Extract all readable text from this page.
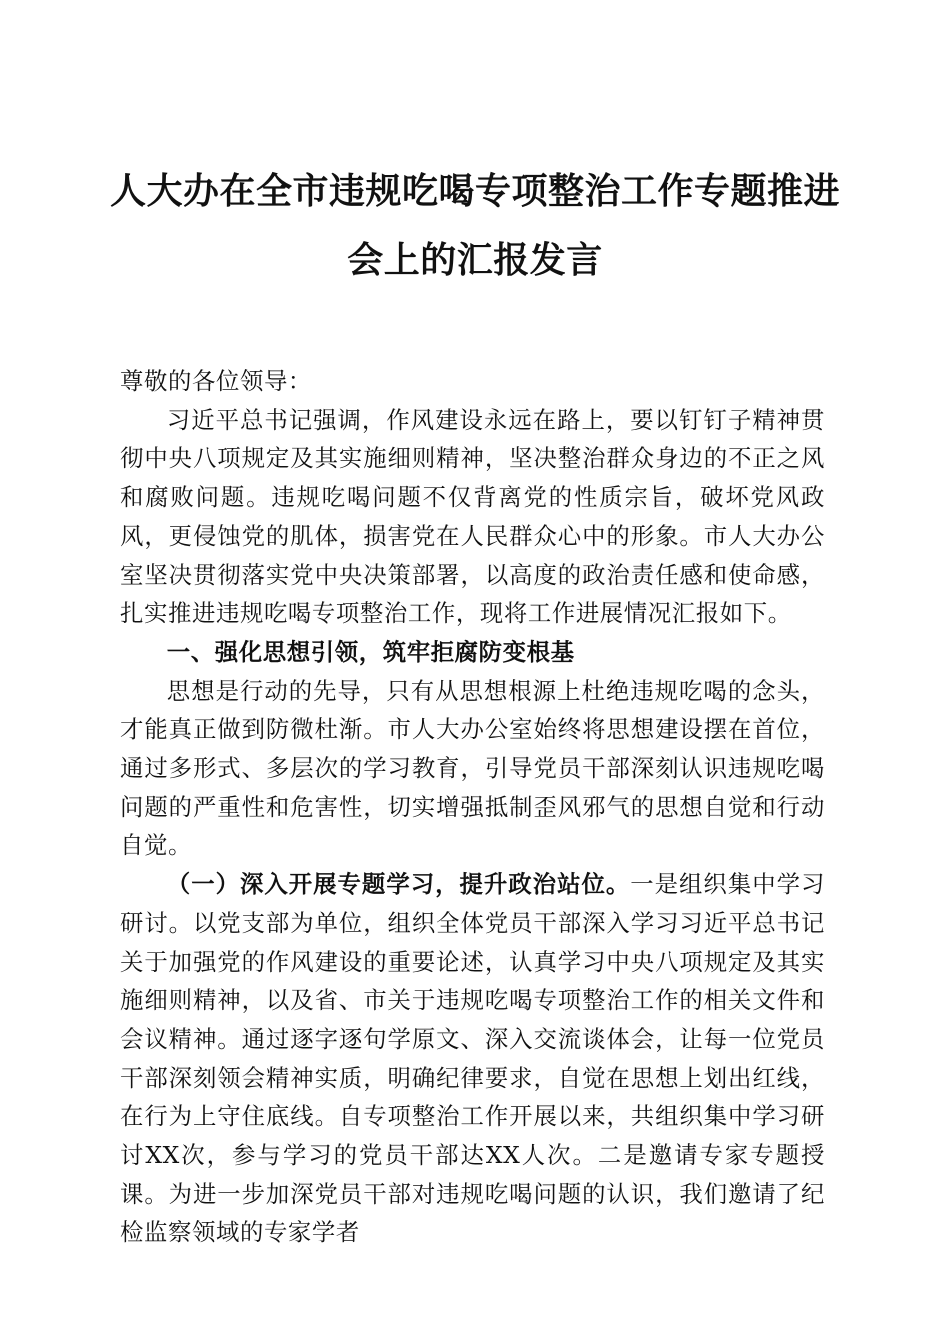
人大办在全市违规吃喝专项整治工作专题推进
会上的汇报发言

尊敬的各位领导：

习近平总书记强调，作风建设永远在路上，要以钉钉子精神贯彻中央八项规定及其实施细则精神，坚决整治群众身边的不正之风和腐败问题。违规吃喝问题不仅背离党的性质宗旨，破坏党风政风，更侵蚀党的肌体，损害党在人民群众心中的形象。市人大办公室坚决贯彻落实党中央决策部署，以高度的政治责任感和使命感，扎实推进违规吃喝专项整治工作，现将工作进展情况汇报如下。

一、强化思想引领，筑牢拒腐防变根基

思想是行动的先导，只有从思想根源上杜绝违规吃喝的念头，才能真正做到防微杜渐。市人大办公室始终将思想建设摆在首位，通过多形式、多层次的学习教育，引导党员干部深刻认识违规吃喝问题的严重性和危害性，切实增强抵制歪风邪气的思想自觉和行动自觉。

（一）深入开展专题学习，提升政治站位。一是组织集中学习研讨。以党支部为单位，组织全体党员干部深入学习习近平总书记关于加强党的作风建设的重要论述，认真学习中央八项规定及其实施细则精神，以及省、市关于违规吃喝专项整治工作的相关文件和会议精神。通过逐字逐句学原文、深入交流谈体会，让每一位党员干部深刻领会精神实质，明确纪律要求，自觉在思想上划出红线，在行为上守住底线。自专项整治工作开展以来，共组织集中学习研讨XX次，参与学习的党员干部达XX人次。二是邀请专家专题授课。为进一步加深党员干部对违规吃喝问题的认识，我们邀请了纪检监察领域的专家学者
